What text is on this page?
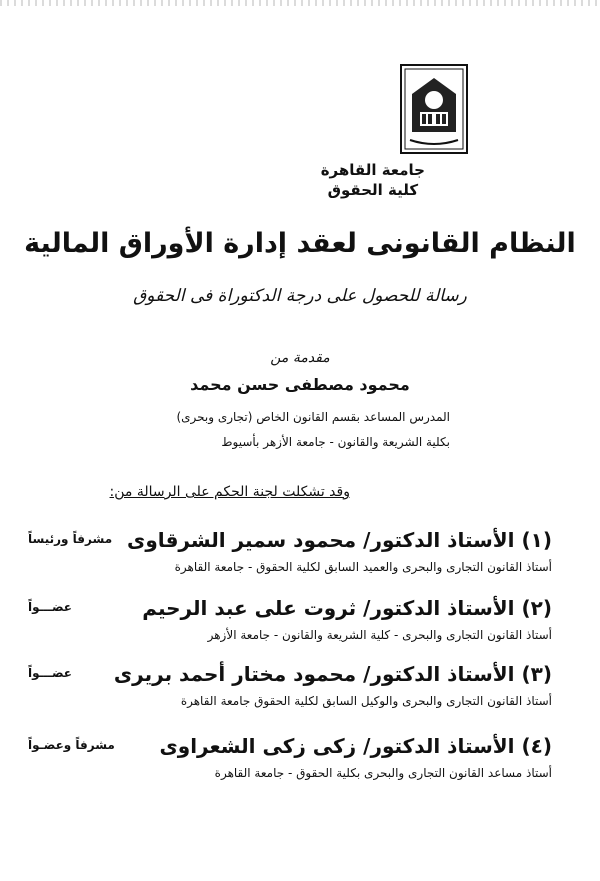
جامعة القاهرة
كلية الحقوق
النظام القانونى لعقد إدارة الأوراق المالية
رسالة للحصول على درجة الدكتوراة فى الحقوق
مقدمة من
محمود مصطفى حسن محمد
المدرس المساعد بقسم القانون الخاص (تجارى وبحرى)
بكلية الشريعة والقانون - جامعة الأزهر بأسيوط
وقد تشكلت لجنة الحكم على الرسالة من:
(١) الأستاذ الدكتور/ محمود سمير الشرقاوى
مشرفاً ورئيساً
أستاذ القانون التجارى والبحرى والعميد السابق لكلية الحقوق - جامعة القاهرة
(٢) الأستاذ الدكتور/ ثروت على عبد الرحيم
عضـــواً
أستاذ القانون التجارى والبحرى - كلية الشريعة والقانون - جامعة الأزهر
(٣) الأستاذ الدكتور/ محمود مختار أحمد بريرى
عضـــواً
أستاذ القانون التجارى والبحرى والوكيل السابق لكلية الحقوق جامعة القاهرة
(٤) الأستاذ الدكتور/ زكى زكى الشعراوى
مشرفاً وعضـواً
أستاذ مساعد القانون التجارى والبحرى بكلية الحقوق - جامعة القاهرة
